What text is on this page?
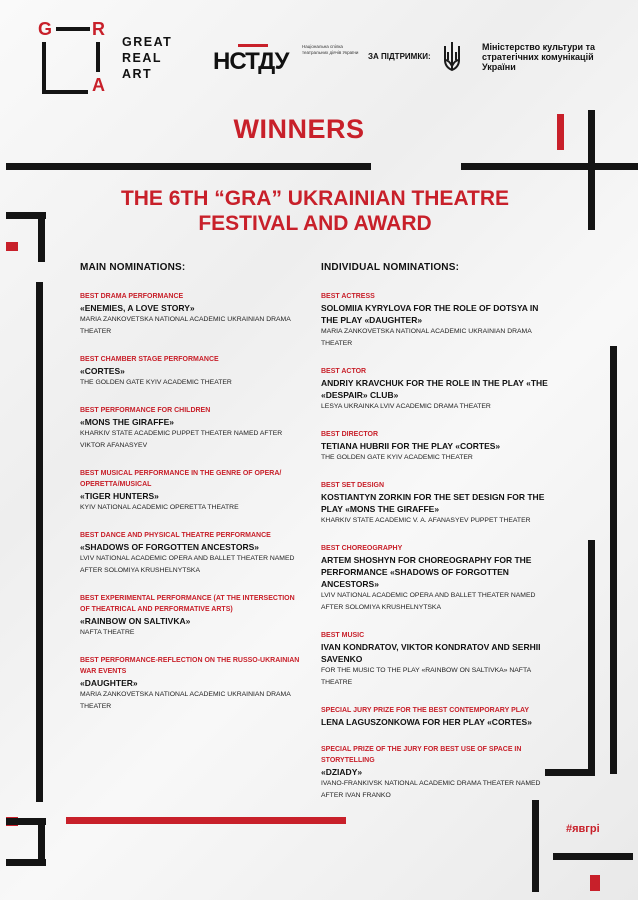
G R
A
GREAT
REAL
ART	НСТДУ
Національна спілка театральних діячів України ЗА ПІДТРИМКИ:
Міністерство культури та стратегічних комунікацій України
WINNERS
THE 6TH “GRA” UKRAINIAN THEATRE FESTIVAL AND AWARD
MAIN NOMINATIONS:
BEST DRAMA PERFORMANCE
«ENEMIES, A LOVE STORY»
MARIA ZANKOVETSKA NATIONAL ACADEMIC UKRAINIAN DRAMA THEATER
BEST CHAMBER STAGE PERFORMANCE
«CORTES»
THE GOLDEN GATE KYIV ACADEMIC THEATER
BEST PERFORMANCE FOR CHILDREN
«MONS THE GIRAFFE»
KHARKIV STATE ACADEMIC PUPPET THEATER NAMED AFTER VIKTOR AFANASYEV
BEST MUSICAL PERFORMANCE IN THE GENRE OF OPERA/ OPERETTA/MUSICAL
«TIGER HUNTERS»
KYIV NATIONAL ACADEMIC OPERETTA THEATRE
BEST DANCE AND PHYSICAL THEATRE PERFORMANCE
«SHADOWS OF FORGOTTEN ANCESTORS»
LVIV NATIONAL ACADEMIC OPERA AND BALLET THEATER NAMED AFTER SOLOMIYA KRUSHELNYTSKA
BEST EXPERIMENTAL PERFORMANCE (AT THE INTERSECTION OF THEATRICAL AND PERFORMATIVE ARTS)
«RAINBOW ON SALTIVKA»
NAFTA THEATRE
BEST PERFORMANCE-REFLECTION ON THE RUSSO-UKRAINIAN WAR EVENTS
«DAUGHTER»
MARIA ZANKOVETSKA NATIONAL ACADEMIC UKRAINIAN DRAMA THEATER
INDIVIDUAL NOMINATIONS:
BEST ACTRESS
SOLOMIIA KYRYLOVA FOR THE ROLE OF DOTSYA IN THE PLAY «DAUGHTER»
MARIA ZANKOVETSKA NATIONAL ACADEMIC UKRAINIAN DRAMA THEATER
BEST ACTOR
ANDRIY KRAVCHUK FOR THE ROLE IN THE PLAY «THE «DESPAIR» CLUB»
LESYA UKRAINKA LVIV ACADEMIC DRAMA THEATER
BEST DIRECTOR
TETIANA HUBRII FOR THE PLAY «CORTES»
THE GOLDEN GATE KYIV ACADEMIC THEATER
BEST SET DESIGN
KOSTIANTYN ZORKIN FOR THE SET DESIGN FOR THE PLAY «MONS THE GIRAFFE»
KHARKIV STATE ACADEMIC V. A. AFANASYEV PUPPET THEATER
BEST CHOREOGRAPHY
ARTEM SHOSHYN FOR CHOREOGRAPHY FOR THE PERFORMANCE «SHADOWS OF FORGOTTEN ANCESTORS»
LVIV NATIONAL ACADEMIC OPERA AND BALLET THEATER NAMED AFTER SOLOMIYA KRUSHELNYTSKA
BEST MUSIC
IVAN KONDRATOV, VIKTOR KONDRATOV AND SERHII SAVENKO
FOR THE MUSIC TO THE PLAY «RAINBOW ON SALTIVKA» NAFTA THEATRE
SPECIAL JURY PRIZE FOR THE BEST CONTEMPORARY PLAY
LENA LAGUSZONKOWA FOR HER PLAY «CORTES»
SPECIAL PRIZE OF THE JURY FOR BEST USE OF SPACE IN STORYTELLING
«DZIADY»
IVANO-FRANKIVSK NATIONAL ACADEMIC DRAMA THEATER NAMED AFTER IVAN FRANKO
#явгрі
